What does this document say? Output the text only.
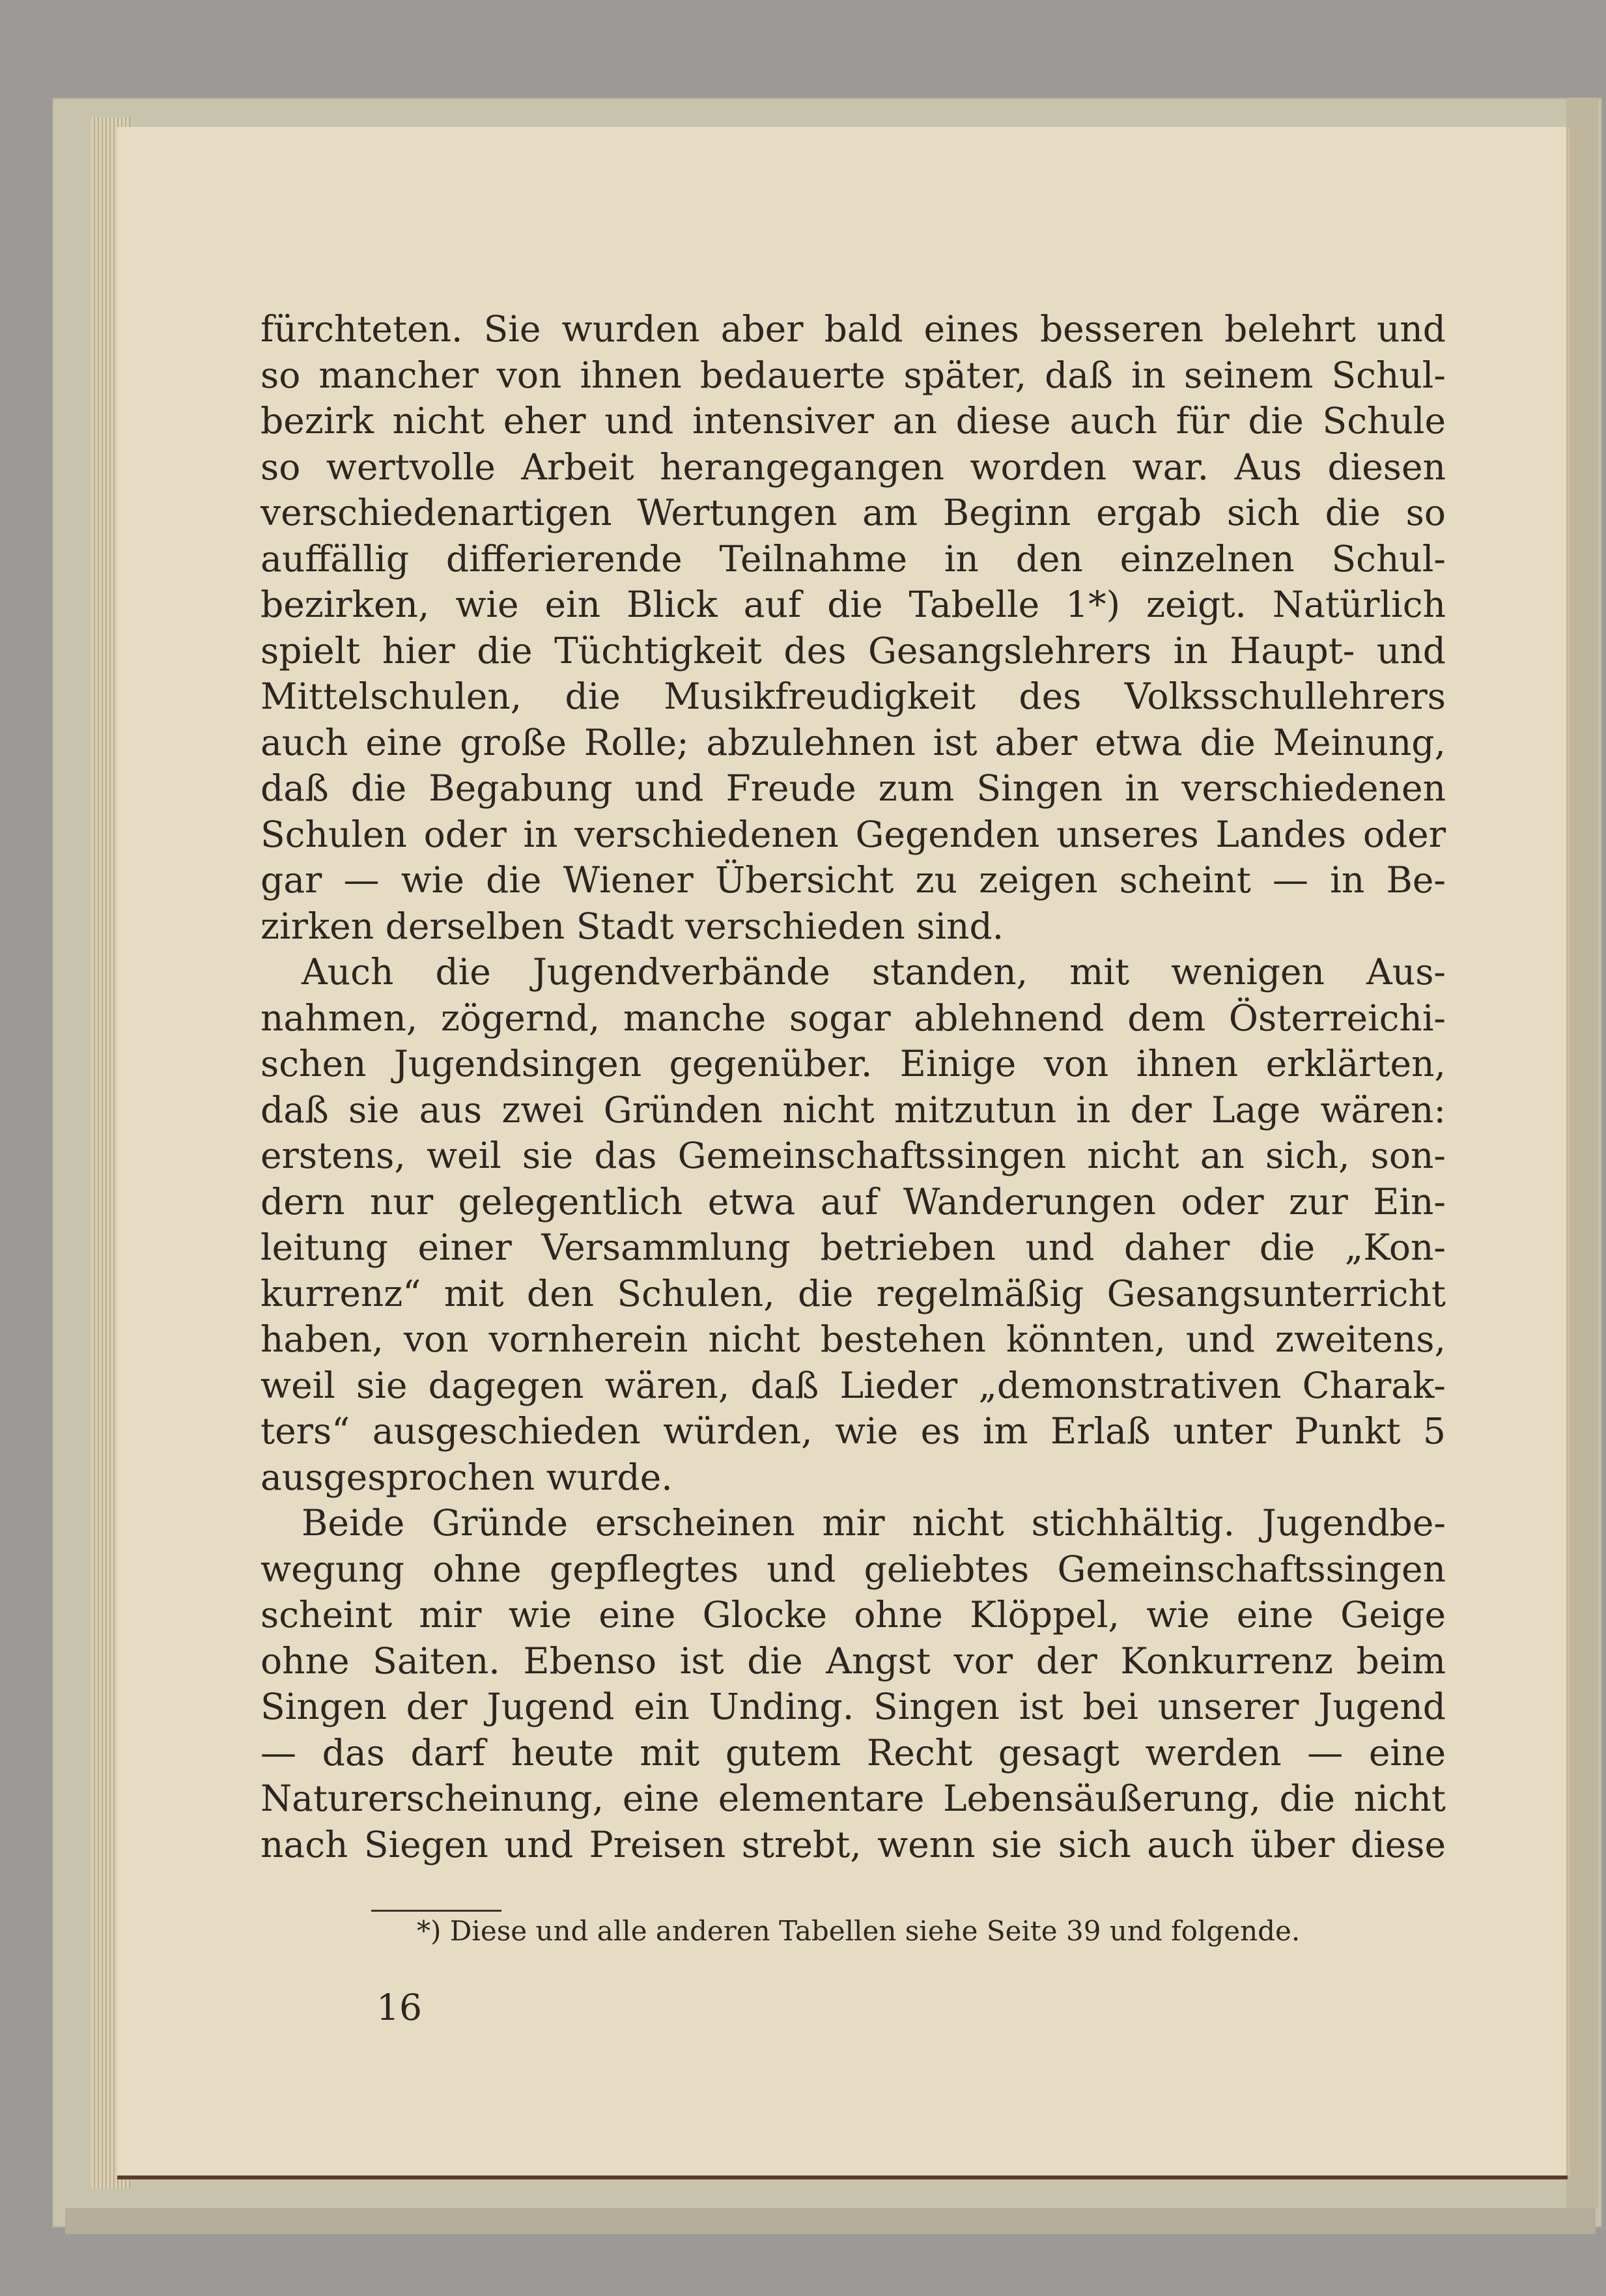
fürchteten. Sie wurden aber bald eines besseren belehrt und
so mancher von ihnen bedauerte später, daß in seinem Schul-
bezirk nicht eher und intensiver an diese auch für die Schule
so wertvolle Arbeit herangegangen worden war. Aus diesen
verschiedenartigen Wertungen am Beginn ergab sich die so
auffällig differierende Teilnahme in den einzelnen Schul-
bezirken, wie ein Blick auf die Tabelle 1*) zeigt. Natürlich
spielt hier die Tüchtigkeit des Gesangslehrers in Haupt- und
Mittelschulen, die Musikfreudigkeit des Volksschullehrers
auch eine große Rolle; abzulehnen ist aber etwa die Meinung,
daß die Begabung und Freude zum Singen in verschiedenen
Schulen oder in verschiedenen Gegenden unseres Landes oder
gar — wie die Wiener Übersicht zu zeigen scheint — in Be-
zirken derselben Stadt verschieden sind.
Auch die Jugendverbände standen, mit wenigen Aus-
nahmen, zögernd, manche sogar ablehnend dem Österreichi-
schen Jugendsingen gegenüber. Einige von ihnen erklärten,
daß sie aus zwei Gründen nicht mitzutun in der Lage wären:
erstens, weil sie das Gemeinschaftssingen nicht an sich, son-
dern nur gelegentlich etwa auf Wanderungen oder zur Ein-
leitung einer Versammlung betrieben und daher die „Kon-
kurrenz“ mit den Schulen, die regelmäßig Gesangsunterricht
haben, von vornherein nicht bestehen könnten, und zweitens,
weil sie dagegen wären, daß Lieder „demonstrativen Charak-
ters“ ausgeschieden würden, wie es im Erlaß unter Punkt 5
ausgesprochen wurde.
Beide Gründe erscheinen mir nicht stichhältig. Jugendbe-
wegung ohne gepflegtes und geliebtes Gemeinschaftssingen
scheint mir wie eine Glocke ohne Klöppel, wie eine Geige
ohne Saiten. Ebenso ist die Angst vor der Konkurrenz beim
Singen der Jugend ein Unding. Singen ist bei unserer Jugend
— das darf heute mit gutem Recht gesagt werden — eine
Naturerscheinung, eine elementare Lebensäußerung, die nicht
nach Siegen und Preisen strebt, wenn sie sich auch über diese
*) Diese und alle anderen Tabellen siehe Seite 39 und folgende.
16
